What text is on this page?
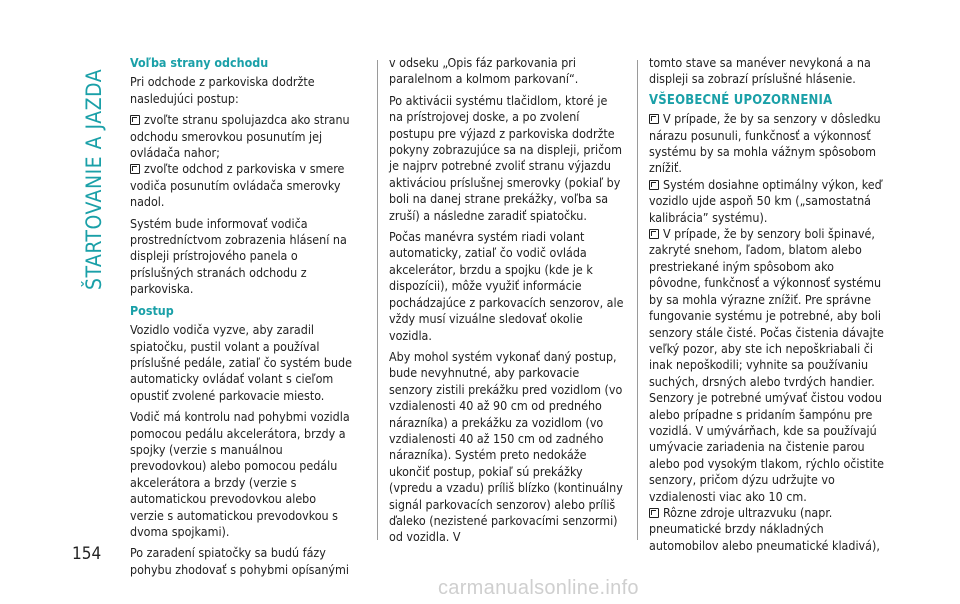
ŠTARTOVANIE A JAZDA

Voľba strany odchodu

Pri odchode z parkoviska dodržte nasledujúci postup:

zvoľte stranu spolujazdca ako stranu odchodu smerovkou posunutím jej ovládača nahor;

zvoľte odchod z parkoviska v smere vodiča posunutím ovládača smerovky nadol.

Systém bude informovať vodiča prostredníctvom zobrazenia hlásení na displeji prístrojového panela o príslušných stranách odchodu z parkoviska.

Postup

Vozidlo vodiča vyzve, aby zaradil spiatočku, pustil volant a používal príslušné pedále, zatiaľ čo systém bude automaticky ovládať volant s cieľom opustiť zvolené parkovacie miesto.

Vodič má kontrolu nad pohybmi vozidla pomocou pedálu akcelerátora, brzdy a spojky (verzie s manuálnou prevodovkou) alebo pomocou pedálu akcelerátora a brzdy (verzie s automatickou prevodovkou alebo verzie s automatickou prevodovkou s dvoma spojkami).

Po zaradení spiatočky sa budú fázy pohybu zhodovať s pohybmi opísanými

v odseku „Opis fáz parkovania pri paralelnom a kolmom parkovaní“.

Po aktivácii systému tlačidlom, ktoré je na prístrojovej doske, a po zvolení postupu pre výjazd z parkoviska dodržte pokyny zobrazujúce sa na displeji, pričom je najprv potrebné zvoliť stranu výjazdu aktiváciou príslušnej smerovky (pokiaľ by boli na danej strane prekážky, voľba sa zruší) a následne zaradiť spiatočku.

Počas manévra systém riadi volant automaticky, zatiaľ čo vodič ovláda akcelerátor, brzdu a spojku (kde je k dispozícii), môže využiť informácie pochádzajúce z parkovacích senzorov, ale vždy musí vizuálne sledovať okolie vozidla.

Aby mohol systém vykonať daný postup, bude nevyhnutné, aby parkovacie senzory zistili prekážku pred vozidlom (vo vzdialenosti 40 až 90 cm od predného nárazníka) a prekážku za vozidlom (vo vzdialenosti 40 až 150 cm od zadného nárazníka). Systém preto nedokáže ukončiť postup, pokiaľ sú prekážky (vpredu a vzadu) príliš blízko (kontinuálny signál parkovacích senzorov) alebo príliš ďaleko (nezistené parkovacími senzormi) od vozidla. V

tomto stave sa manéver nevykoná a na displeji sa zobrazí príslušné hlásenie.

VŠEOBECNÉ UPOZORNENIA

V prípade, že by sa senzory v dôsledku nárazu posunuli, funkčnosť a výkonnosť systému by sa mohla vážnym spôsobom znížiť.

Systém dosiahne optimálny výkon, keď vozidlo ujde aspoň 50 km („samostatná kalibrácia” systému).

V prípade, že by senzory boli špinavé, zakryté snehom, ľadom, blatom alebo prestriekané iným spôsobom ako pôvodne, funkčnosť a výkonnosť systému by sa mohla výrazne znížiť. Pre správne fungovanie systému je potrebné, aby boli senzory stále čisté. Počas čistenia dávajte veľký pozor, aby ste ich nepoškriabali či inak nepoškodili; vyhnite sa používaniu suchých, drsných alebo tvrdých handier. Senzory je potrebné umývať čistou vodou alebo prípadne s pridaním šampónu pre vozidlá. V umývárňach, kde sa používajú umývacie zariadenia na čistenie parou alebo pod vysokým tlakom, rýchlo očistite senzory, pričom dýzu udržujte vo vzdialenosti viac ako 10 cm.

Rôzne zdroje ultrazvuku (napr. pneumatické brzdy nákladných automobilov alebo pneumatické kladivá),

154
carmanualsonline.info
